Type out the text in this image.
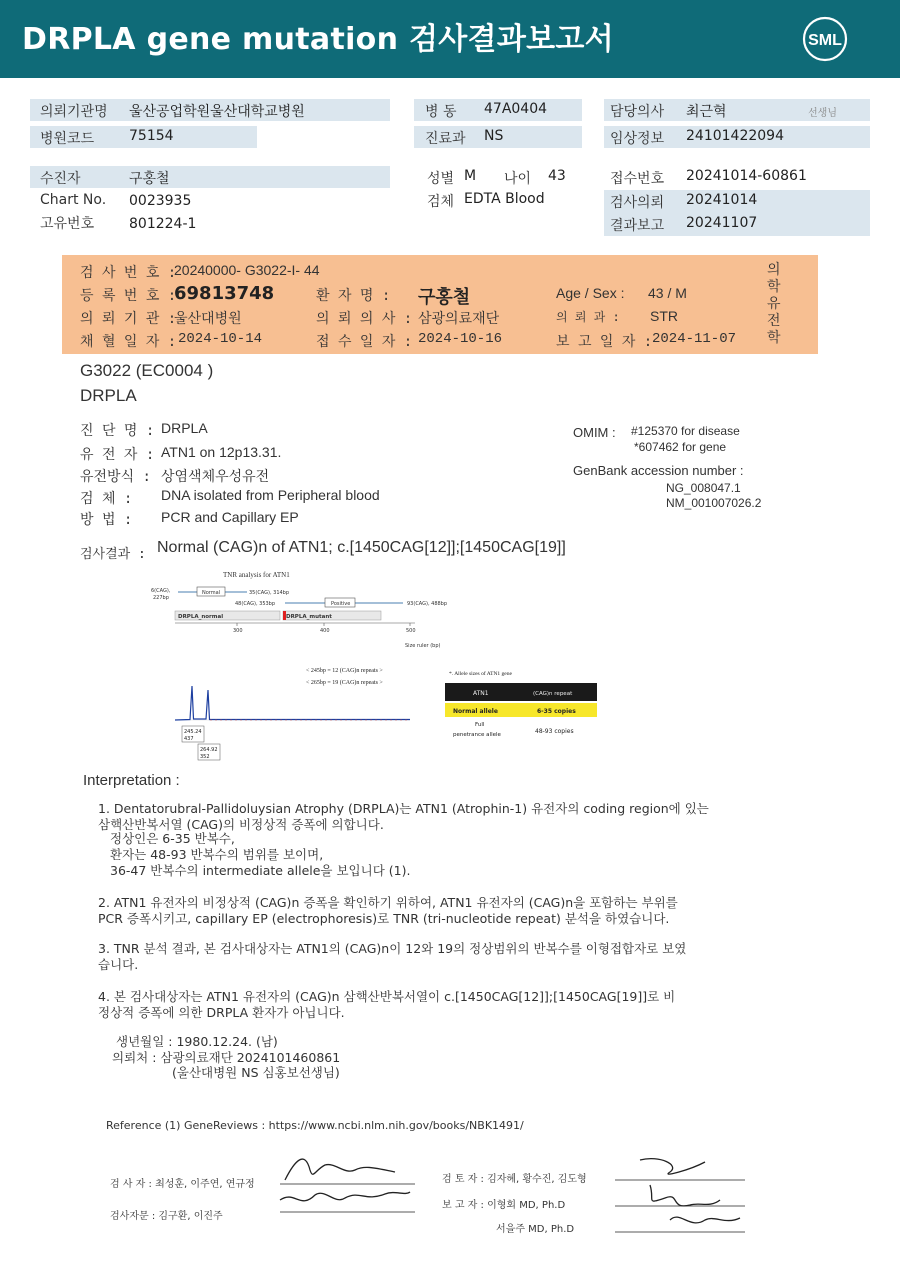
DRPLA gene mutation 검사결과보고서	SML
의뢰기관명 울산공업학원울산대학교병원
병원코드 75154
병 동 47A0404
진료과 NS
담당의사 최근혁	선생님
임상정보 24101422094
수진자	구홍철
Chart No. 0023935
고유번호 801224-1
성별 M 나이 43
검체 EDTA Blood
접수번호 20241014-60861
검사의뢰 20241014
결과보고 20241107
검 사 번 호 :
20240000- G3022-I- 44
등 록 번 호 :
69813748	환 자 명 : 구홍철	Age / Sex : 43 / M
의 뢰 기 관 :
울산대병원	의 뢰 의 사 : 삼광의료재단	의 뢰 과 : STR
채 혈 일 자 : 2024-10-14	접 수 일 자 : 2024-10-16	보 고 일 자 : 2024-11-07
의
학
유
전
학
G3022 (EC0004 )
DRPLA
진 단 명 : DRPLA
유 전 자 : ATN1 on 12p13.31.
유전방식 : 상염색체우성유전
검 체 : DNA isolated from Peripheral blood
방 법 : PCR and Capillary EP
OMIM : #125370 for disease
*607462 for gene
GenBank accession number :
NG_008047.1
NM_001007026.2
검사결과 : Normal (CAG)n of ATN1; c.[1450CAG[12]];[1450CAG[19]]
TNR analysis for ATN1
6(CAG),
227bp
Normal	35(CAG), 314bp
48(CAG), 353bp	Positive	93(CAG), 488bp
DRPLA_normal	DRPLA_mutant
300	400	500
Size ruler (bp)
< 245bp = 12 (CAG)n repeats >
< 265bp = 19 (CAG)n repeats >
245.24
437
264.92
352
*. Allele sizes of ATN1 gene
ATN1	(CAG)n repeat
Normal allele	6-35 copies
Full
penetrance allele	48-93 copies
Interpretation :
1. Dentatorubral-Pallidoluysian Atrophy (DRPLA)는 ATN1 (Atrophin-1) 유전자의 coding region에 있는
삼핵산반복서열 (CAG)의 비정상적 증폭에 의합니다.
정상인은 6-35 반복수,
환자는 48-93 반복수의 범위를 보이며,
36-47 반복수의 intermediate allele을 보입니다 (1).
2. ATN1 유전자의 비정상적 (CAG)n 증폭을 확인하기 위하여, ATN1 유전자의 (CAG)n을 포함하는 부위를
PCR 증폭시키고, capillary EP (electrophoresis)로 TNR (tri-nucleotide repeat) 분석을 하였습니다.
3. TNR 분석 결과, 본 검사대상자는 ATN1의 (CAG)n이 12와 19의 정상범위의 반복수를 이형접합자로 보였
습니다.
4. 본 검사대상자는 ATN1 유전자의 (CAG)n 삼핵산반복서열이 c.[1450CAG[12]];[1450CAG[19]]로 비
정상적 증폭에 의한 DRPLA 환자가 아닙니다.
생년월일 : 1980.12.24. (남)
의뢰처 : 삼광의료재단 2024101460861
(울산대병원 NS 심홍보선생님)
Reference (1) GeneReviews : https://www.ncbi.nlm.nih.gov/books/NBK1491/
검 사 자 : 최성훈, 이주연, 연규정
검사자문 : 김구환, 이진주
검 토 자 : 김자혜, 황수진, 김도형
보 고 자 : 이형회 MD, Ph.D
서을주 MD, Ph.D
